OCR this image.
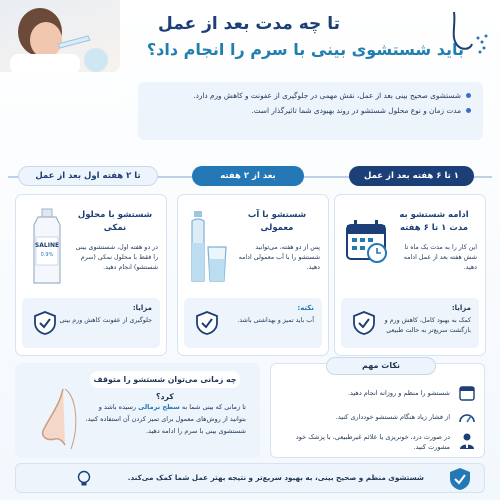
تا چه مدت بعد از عمل
باید شستشوی بینی با سرم را انجام داد؟
شستشوی صحیح بینی بعد از عمل، نقش مهمی در جلوگیری از عفونت و کاهش ورم دارد.
مدت زمان و نوع محلول شستشو در روند بهبودی شما تاثیرگذار است.
۱ تا ۶ هفته بعد از عمل
بعد از ۲ هفته
تا ۲ هفته اول بعد از عمل
ادامه شستشو به مدت ۱ تا ۶ هفته
این کار را به مدت یک ماه تا شش هفته بعد از عمل ادامه دهید.
مزایا:
کمک به بهبود کامل، کاهش ورم و بازگشت سریع‌تر به حالت طبیعی
شستشو با آب معمولی
پس از دو هفته، می‌توانید شستشو را با آب معمولی ادامه دهید.
نکته:
آب باید تمیز و بهداشتی باشد.
SALINE
0.9%
شستشو با محلول نمکی
در دو هفته اول، شستشوی بینی را فقط با محلول نمکی (سرم شستشو) انجام دهید.
مزایا:
جلوگیری از عفونت کاهش ورم بینی
نکات مهم
شستشو را منظم و روزانه انجام دهید.
از فشار زیاد هنگام شستشو خودداری کنید.
در صورت درد، خونریزی یا علائم غیرطبیعی، با پزشک خود مشورت کنید.
چه زمانی می‌توان شستشو را متوقف کرد؟
تا زمانی که بینی شما به سطح نرمالی رسیده باشد و بتوانید از روش‌های معمول برای تمیز کردن آن استفاده کنید، شستشوی بینی با سرم را ادامه دهید.
شستشوی منظم و صحیح بینی، به بهبود سریع‌تر و نتیجه بهتر عمل شما کمک می‌کند.
